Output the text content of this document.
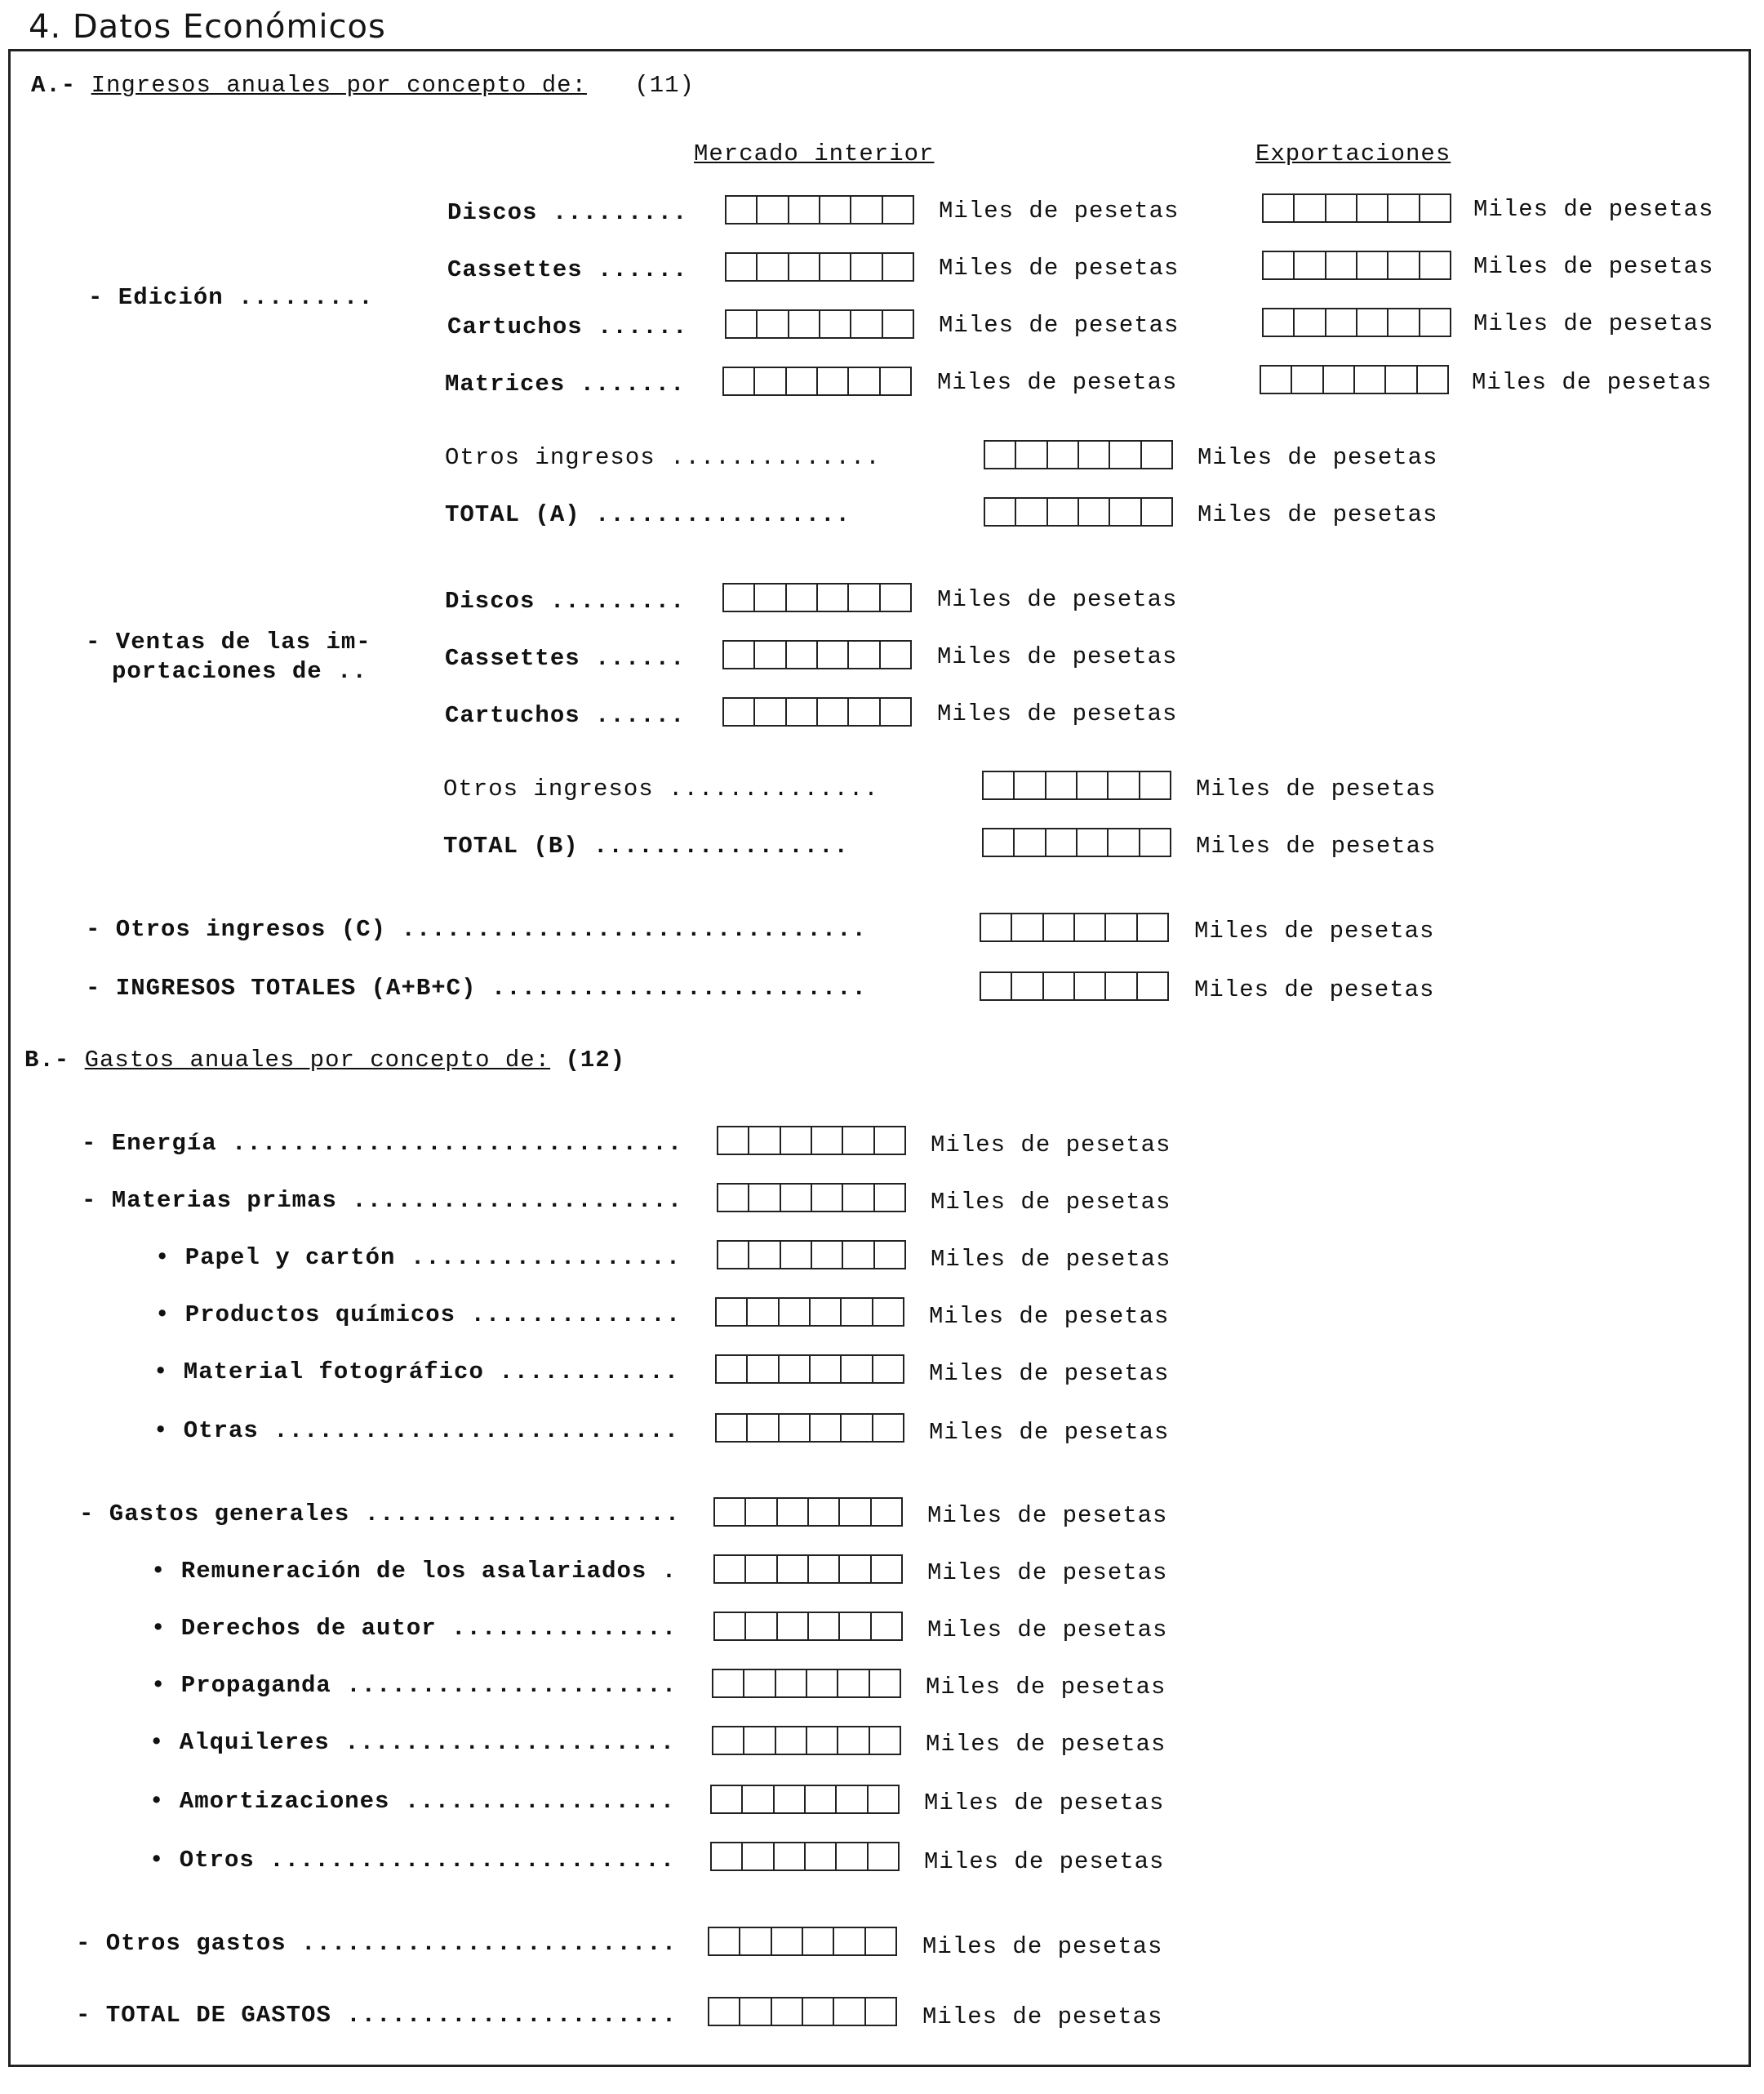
4. Datos Económicos
A.- Ingresos anuales por concepto de: (11)
Mercado interior	Exportaciones
- Edición .........
Discos .........
Cassettes ......
Cartuchos ......
Matrices .......
Miles de pesetas
Miles de pesetas
Miles de pesetas
Miles de pesetas
Miles de pesetas
Miles de pesetas
Miles de pesetas
Miles de pesetas
Otros ingresos ..............
TOTAL (A) .................
Miles de pesetas
Miles de pesetas
- Ventas de las im-
portaciones de ..
Discos .........
Cassettes ......
Cartuchos ......
Miles de pesetas
Miles de pesetas
Miles de pesetas
Otros ingresos ..............
TOTAL (B) .................
Miles de pesetas
Miles de pesetas
- Otros ingresos (C) ...............................
- INGRESOS TOTALES (A+B+C) .........................
Miles de pesetas
Miles de pesetas
B.- Gastos anuales por concepto de: (12)
- Energía ..............................
- Materias primas ......................
• Papel y cartón ..................
• Productos químicos ..............
• Material fotográfico ............
• Otras ...........................
Miles de pesetas
Miles de pesetas
Miles de pesetas
Miles de pesetas
Miles de pesetas
Miles de pesetas
- Gastos generales .....................
• Remuneración de los asalariados .
• Derechos de autor ...............
• Propaganda ......................
• Alquileres ......................
• Amortizaciones ..................
• Otros ...........................
Miles de pesetas
Miles de pesetas
Miles de pesetas
Miles de pesetas
Miles de pesetas
Miles de pesetas
Miles de pesetas
- Otros gastos .........................
- TOTAL DE GASTOS ......................
Miles de pesetas
Miles de pesetas
